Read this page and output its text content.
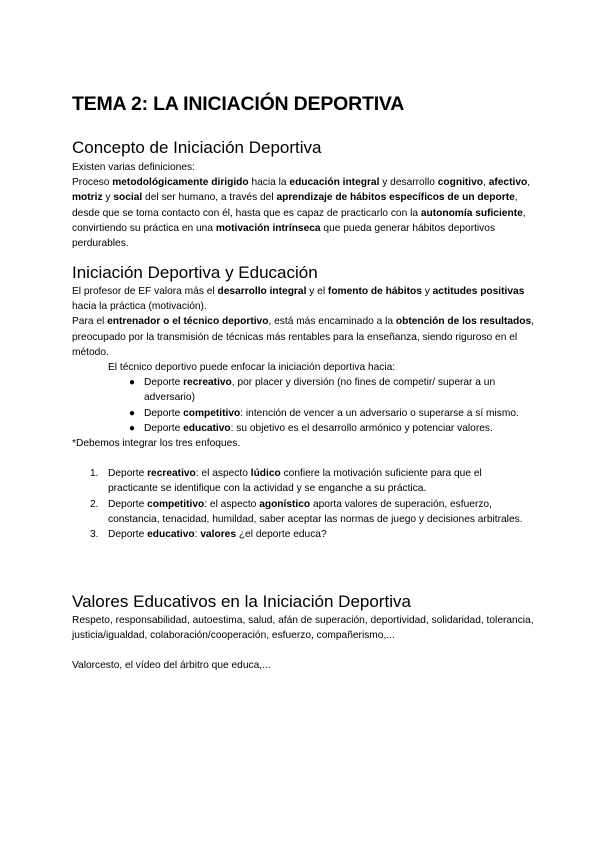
TEMA 2: LA INICIACIÓN DEPORTIVA
Concepto de Iniciación Deportiva

Existen varias definiciones:

Proceso metodológicamente dirigido hacia la educación integral y desarrollo cognitivo, afectivo, motriz y social del ser humano, a través del aprendizaje de hábitos específicos de un deporte, desde que se toma contacto con él, hasta que es capaz de practicarlo con la autonomía suficiente, convirtiendo su práctica en una motivación intrínseca que pueda generar hábitos deportivos perdurables.

Iniciación Deportiva y Educación

El profesor de EF valora más el desarrollo integral y el fomento de hábitos y actitudes positivas hacia la práctica (motivación).

Para el entrenador o el técnico deportivo, está más encaminado a la obtención de los resultados, preocupado por la transmisión de técnicas más rentables para la enseñanza, siendo riguroso en el método.

El técnico deportivo puede enfocar la iniciación deportiva hacia:

● Deporte recreativo, por placer y diversión (no fines de competir/ superar a un adversario)
● Deporte competitivo: intención de vencer a un adversario o superarse a sí mismo.
● Deporte educativo: su objetivo es el desarrollo armónico y potenciar valores.

*Debemos integrar los tres enfoques.

1. Deporte recreativo: el aspecto lúdico confiere la motivación suficiente para que el practicante se identifique con la actividad y se enganche a su práctica.
2. Deporte competitivo: el aspecto agonístico aporta valores de superación, esfuerzo, constancia, tenacidad, humildad, saber aceptar las normas de juego y decisiones arbitrales.
3. Deporte educativo: valores ¿el deporte educa?
Valores Educativos en la Iniciación Deportiva

Respeto, responsabilidad, autoestima, salud, afán de superación, deportividad, solidaridad, tolerancia, justicia/igualdad, colaboración/cooperación, esfuerzo, compañerismo,...

Valorcesto, el vídeo del árbitro que educa,...
